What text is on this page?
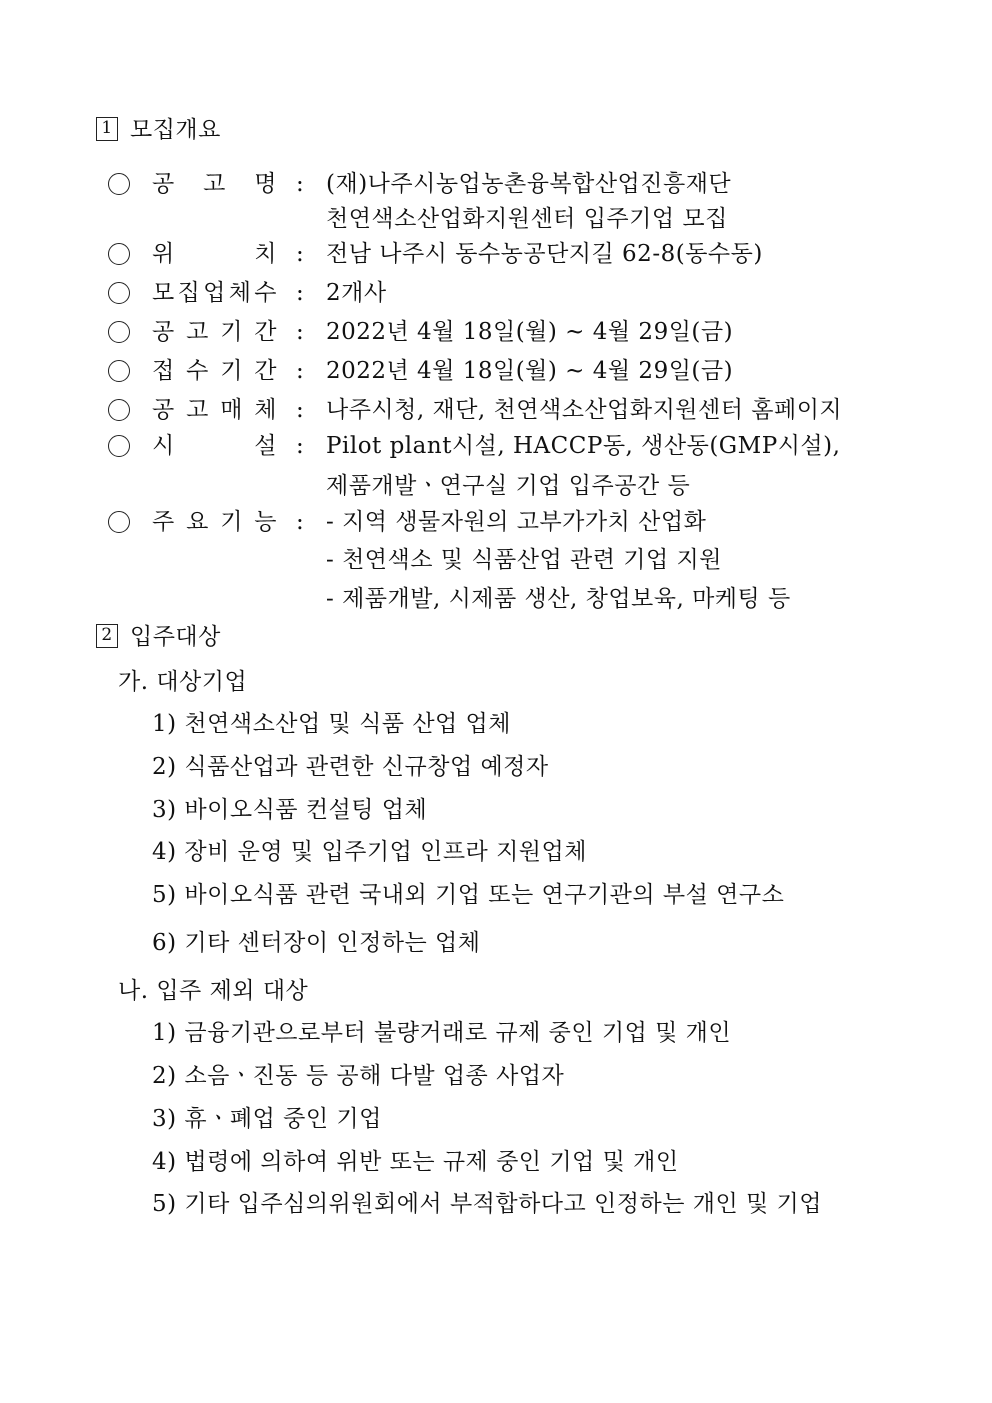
1 모집개요
공 고 명 : (재)나주시농업농촌융복합산업진흥재단
천연색소산업화지원센터 입주기업 모집
위	치 : 전남 나주시 동수농공단지길 62-8(동수동)
모 집 업 체 수 : 2개사
공 고 기 간 : 2022년 4월 18일(월) ~ 4월 29일(금)
접 수 기 간 : 2022년 4월 18일(월) ~ 4월 29일(금)
공 고 매 체 : 나주시청, 재단, 천연색소산업화지원센터 홈페이지
시	설 : Pilot plant시설, HACCP동, 생산동(GMP시설),
제품개발ㆍ연구실 기업 입주공간 등
주 요 기 능 : - 지역 생물자원의 고부가가치 산업화
- 천연색소 및 식품산업 관련 기업 지원
- 제품개발, 시제품 생산, 창업보육, 마케팅 등
2 입주대상
가. 대상기업
1) 천연색소산업 및 식품 산업 업체
2) 식품산업과 관련한 신규창업 예정자
3) 바이오식품 컨설팅 업체
4) 장비 운영 및 입주기업 인프라 지원업체
5) 바이오식품 관련 국내외 기업 또는 연구기관의 부설 연구소
6) 기타 센터장이 인정하는 업체
나. 입주 제외 대상
1) 금융기관으로부터 불량거래로 규제 중인 기업 및 개인
2) 소음ㆍ진동 등 공해 다발 업종 사업자
3) 휴ㆍ폐업 중인 기업
4) 법령에 의하여 위반 또는 규제 중인 기업 및 개인
5) 기타 입주심의위원회에서 부적합하다고 인정하는 개인 및 기업
